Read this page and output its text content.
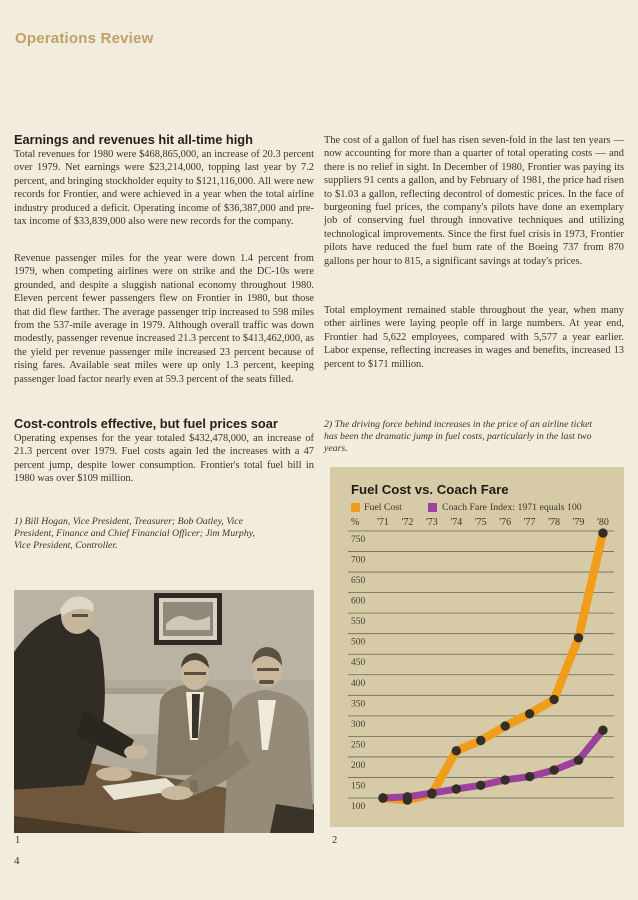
Operations Review
Earnings and revenues hit all-time high

Total revenues for 1980 were $468,865,000, an increase of 20.3 percent over 1979. Net earnings were $23,214,000, topping last year by 7.2 percent, and bringing stockholder equity to $121,116,000. All were new records for Frontier, and were achieved in a year when the total airline industry produced a deficit. Operating income of $36,387,000 and pre-tax income of $33,839,000 also were new records for the company.

Revenue passenger miles for the year were down 1.4 percent from 1979, when competing airlines were on strike and the DC-10s were grounded, and despite a sluggish national economy throughout 1980. Eleven percent fewer passengers flew on Frontier in 1980, but those that did flew farther. The average passenger trip increased to 598 miles from the 537-mile average in 1979. Although overall traffic was down modestly, passenger revenue increased 21.3 percent to $413,462,000, as the yield per revenue passenger mile increased 23 percent because of rising fares. Available seat miles were up only 1.3 percent, keeping passenger load factor nearly even at 59.3 percent of the seats filled.

Cost-controls effective, but fuel prices soar

Operating expenses for the year totaled $432,478,000, an increase of 21.3 percent over 1979. Fuel costs again led the increases with a 47 percent jump, despite lower consumption. Frontier's total fuel bill in 1980 was over $109 million.

1) Bill Hogan, Vice President, Treasurer; Bob Oatley, Vice President, Finance and Chief Financial Officer; Jim Murphy, Vice President, Controller.

1

The cost of a gallon of fuel has risen seven-fold in the last ten years — now accounting for more than a quarter of total operating costs — and there is no relief in sight. In December of 1980, Frontier was paying its suppliers 91 cents a gallon, and by February of 1981, the price had risen to $1.03 a gallon, reflecting decontrol of domestic prices. In the face of burgeoning fuel prices, the company's pilots have done an exemplary job of conserving fuel through innovative techniques and utilizing technological improvements. Since the first fuel crisis in 1973, Frontier pilots have reduced the fuel burn rate of the Boeing 737 from 870 gallons per hour to 815, a significant savings at today's prices.

Total employment remained stable throughout the year, when many other airlines were laying people off in large numbers. At year end, Frontier had 5,622 employees, compared with 5,577 a year earlier. Labor expense, reflecting increases in wages and benefits, increased 13 percent to $171 million.

2) The driving force behind increases in the price of an airline ticket has been the dramatic jump in fuel costs, particularly in the last two years.

Fuel Cost vs. Coach Fare
Fuel Cost	Coach Fare Index: 1971 equals 100
% '71 '72 '73 '74 '75 '76 '77 '78 '79 '80
750
700
650
600
550
500
450
400
350
300
250
200
150
100
2
4
